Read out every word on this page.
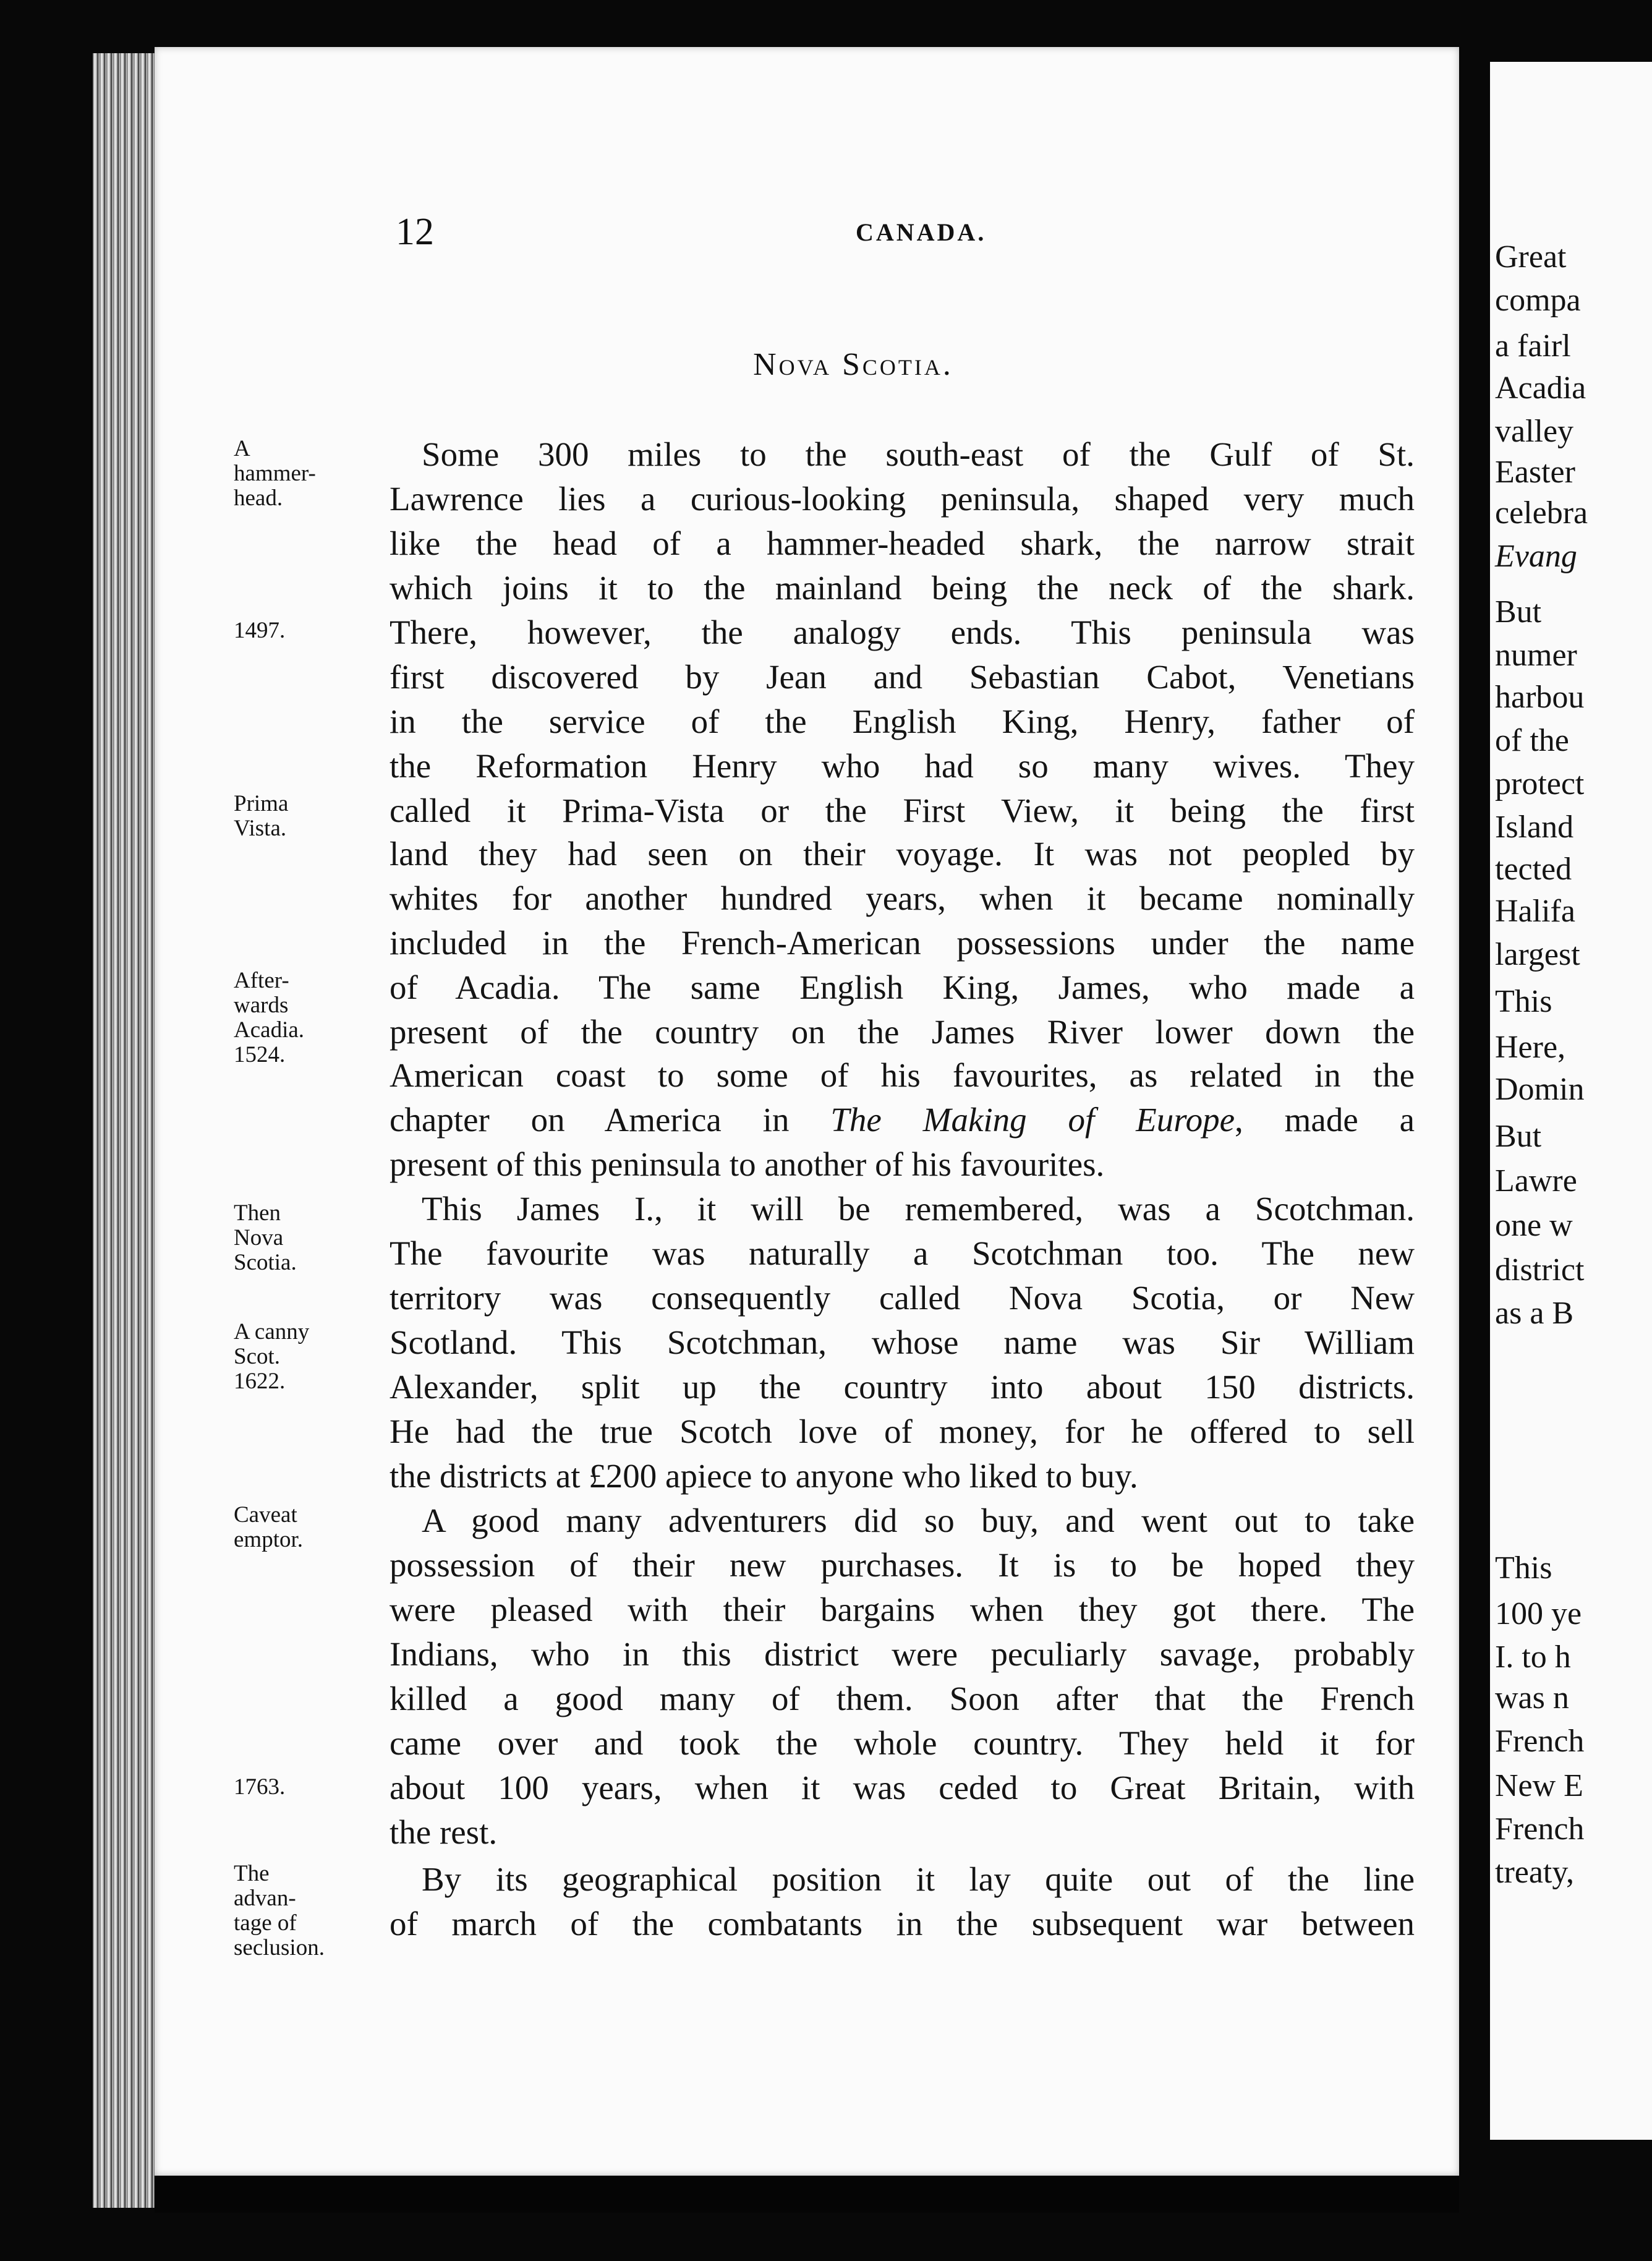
Great
compa
a fairl
Acadia
valley
Easter
celebra
Evang
But
numer
harbou
of the
protect
Island
tected
Halifa
largest
This
Here,
Domin
But
Lawre
one w
district
as a B
This
100 ye
I. to h
was n
French
New E
French
treaty,
12	CANADA.
Nova Scotia.
Some 300 miles to the south-east of the Gulf of St.
Lawrence lies a curious-looking peninsula, shaped very much
like the head of a hammer-headed shark, the narrow strait
which joins it to the mainland being the neck of the shark.
There, however, the analogy ends. This peninsula was
first discovered by Jean and Sebastian Cabot, Venetians
in the service of the English King, Henry, father of
the Reformation Henry who had so many wives. They
called it Prima-Vista or the First View, it being the first
land they had seen on their voyage. It was not peopled by
whites for another hundred years, when it became nominally
included in the French-American possessions under the name
of Acadia. The same English King, James, who made a
present of the country on the James River lower down the
American coast to some of his favourites, as related in the
chapter on America in The Making of Europe, made a
present of this peninsula to another of his favourites.
This James I., it will be remembered, was a Scotchman.
The favourite was naturally a Scotchman too. The new
territory was consequently called Nova Scotia, or New
Scotland. This Scotchman, whose name was Sir William
Alexander, split up the country into about 150 districts.
He had the true Scotch love of money, for he offered to sell
the districts at £200 apiece to anyone who liked to buy.
A good many adventurers did so buy, and went out to take
possession of their new purchases. It is to be hoped they
were pleased with their bargains when they got there. The
Indians, who in this district were peculiarly savage, probably
killed a good many of them. Soon after that the French
came over and took the whole country. They held it for
about 100 years, when it was ceded to Great Britain, with
the rest.
By its geographical position it lay quite out of the line
of march of the combatants in the subsequent war between
A
hammer-
head.
1497.
Prima
Vista.
After-
wards
Acadia.
1524.
Then
Nova
Scotia.
A canny
Scot.
1622.
Caveat
emptor.
1763.
The
advan-
tage of
seclusion.
